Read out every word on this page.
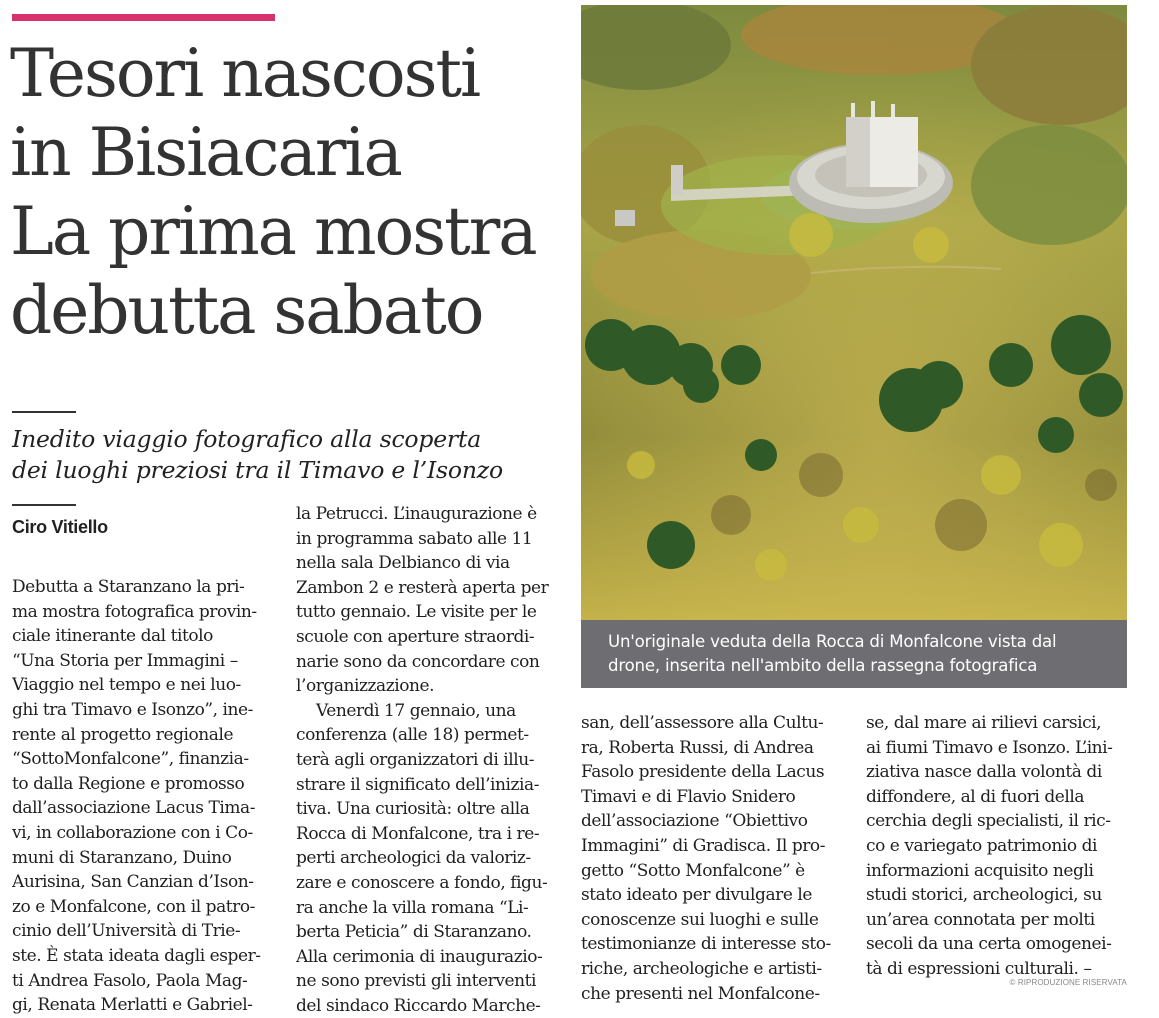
Tesori nascosti
in Bisiacaria
La prima mostra
debutta sabato
Inedito viaggio fotografico alla scoperta
dei luoghi preziosi tra il Timavo e l’Isonzo
Ciro Vitiello
Debutta a Staranzano la pri-
ma mostra fotografica provin-
ciale itinerante dal titolo
“Una Storia per Immagini –
Viaggio nel tempo e nei luo-
ghi tra Timavo e Isonzo”, ine-
rente al progetto regionale
“SottoMonfalcone”, finanzia-
to dalla Regione e promosso
dall’associazione Lacus Tima-
vi, in collaborazione con i Co-
muni di Staranzano, Duino
Aurisina, San Canzian d’Ison-
zo e Monfalcone, con il patro-
cinio dell’Università di Trie-
ste. È stata ideata dagli esper-
ti Andrea Fasolo, Paola Mag-
gi, Renata Merlatti e Gabriel-
la Petrucci. L’inaugurazione è
in programma sabato alle 11
nella sala Delbianco di via
Zambon 2 e resterà aperta per
tutto gennaio. Le visite per le
scuole con aperture straordi-
narie sono da concordare con
l’organizzazione.
Venerdì 17 gennaio, una
conferenza (alle 18) permet-
terà agli organizzatori di illu-
strare il significato dell’inizia-
tiva. Una curiosità: oltre alla
Rocca di Monfalcone, tra i re-
perti archeologici da valoriz-
zare e conoscere a fondo, figu-
ra anche la villa romana “Li-
berta Peticia” di Staranzano.
Alla cerimonia di inaugurazio-
ne sono previsti gli interventi
del sindaco Riccardo Marche-
Un'originale veduta della Rocca di Monfalcone vista dal
drone, inserita nell'ambito della rassegna fotografica
san, dell’assessore alla Cultu-
ra, Roberta Russi, di Andrea
Fasolo presidente della Lacus
Timavi e di Flavio Snidero
dell’associazione “Obiettivo
Immagini” di Gradisca. Il pro-
getto “Sotto Monfalcone” è
stato ideato per divulgare le
conoscenze sui luoghi e sulle
testimonianze di interesse sto-
riche, archeologiche e artisti-
che presenti nel Monfalcone-
se, dal mare ai rilievi carsici,
ai fiumi Timavo e Isonzo. L’ini-
ziativa nasce dalla volontà di
diffondere, al di fuori della
cerchia degli specialisti, il ric-
co e variegato patrimonio di
informazioni acquisito negli
studi storici, archeologici, su
un’area connotata per molti
secoli da una certa omogenei-
tà di espressioni culturali. –
© RIPRODUZIONE RISERVATA
